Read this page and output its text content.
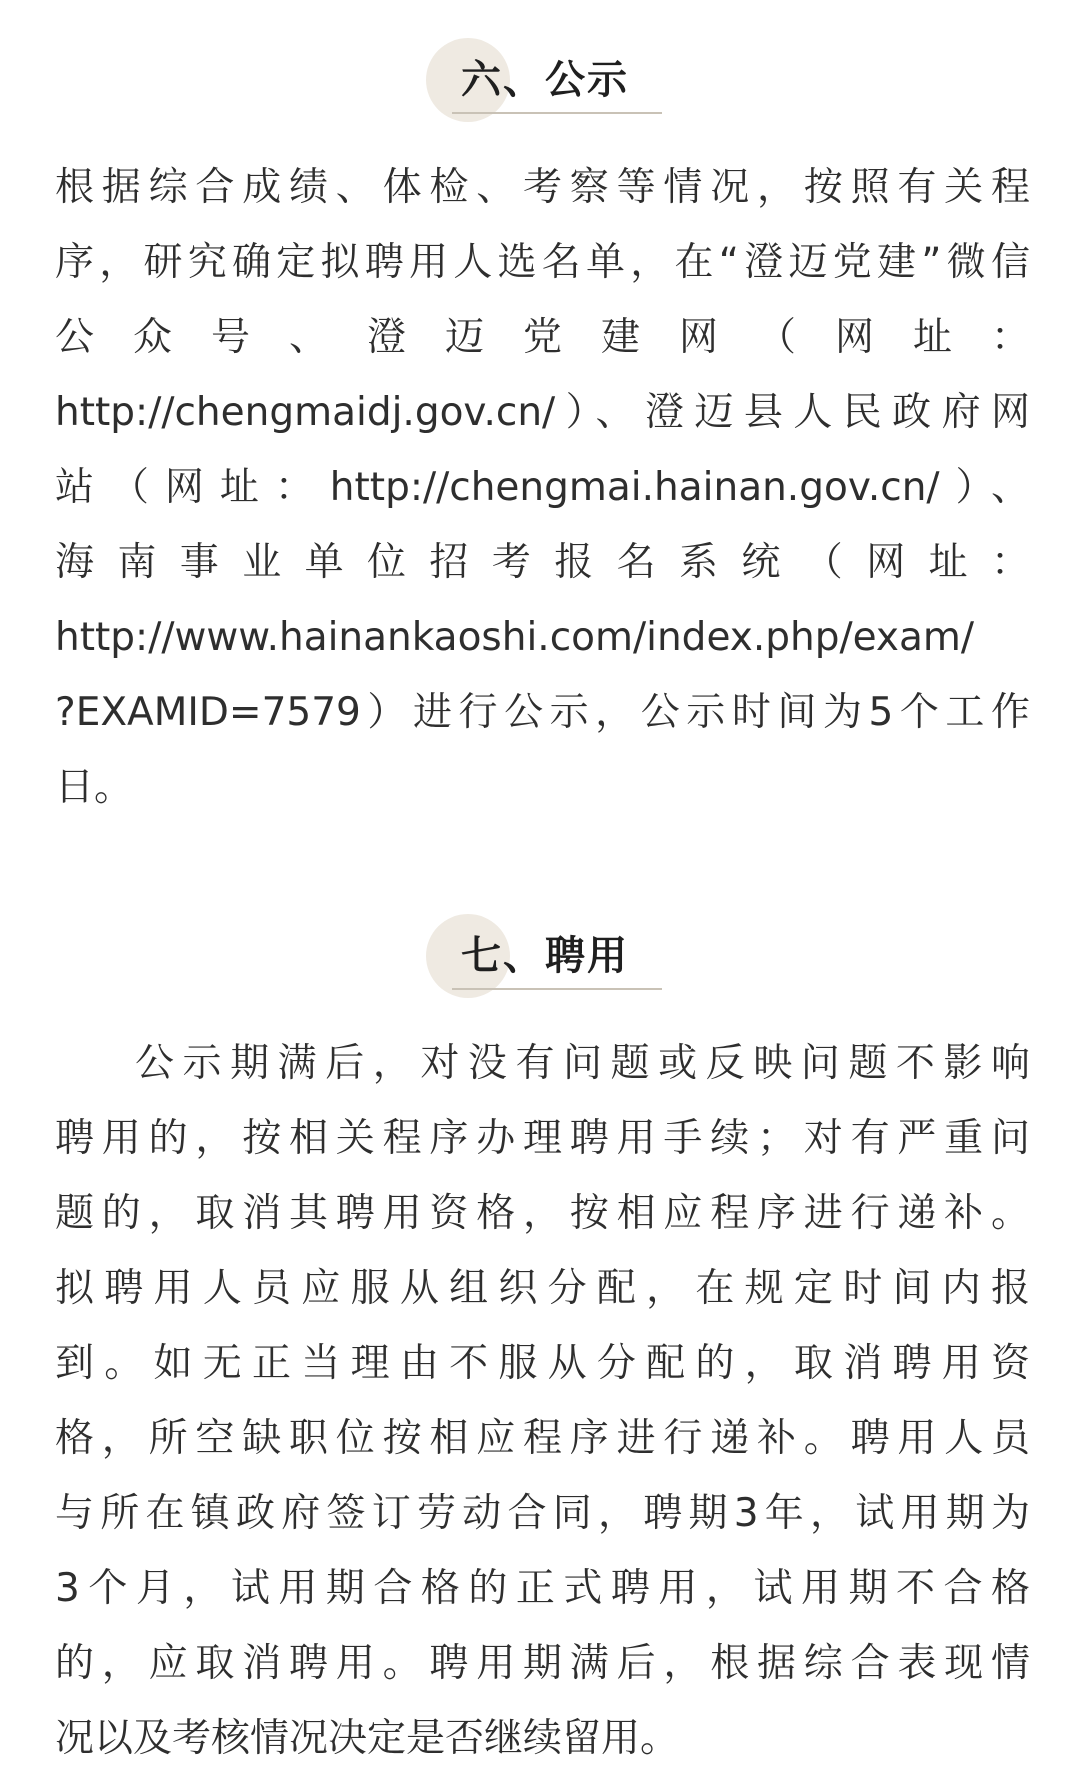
六、公示
根据综合成绩、体检、考察等情况，按照有关程
序，研究确定拟聘用人选名单，在“澄迈党建”微信
公 众 号 、 澄 迈 党 建 网 （ 网 址 ：
http://chengmaidj.gov.cn/）、澄迈县人民政府网
站（网址：http://chengmai.hainan.gov.cn/）、
海 南 事 业 单 位 招 考 报 名 系 统 （ 网 址 ：
http://www.hainankaoshi.com/index.php/exam/
?EXAMID=7579）进行公示，公示时间为5个工作
日。
七、聘用
公示期满后，对没有问题或反映问题不影响
聘用的，按相关程序办理聘用手续；对有严重问
题的，取消其聘用资格，按相应程序进行递补。
拟聘用人员应服从组织分配，在规定时间内报
到。如无正当理由不服从分配的，取消聘用资
格，所空缺职位按相应程序进行递补。聘用人员
与所在镇政府签订劳动合同，聘期3年，试用期为
3个月，试用期合格的正式聘用，试用期不合格
的，应取消聘用。聘用期满后，根据综合表现情
况以及考核情况决定是否继续留用。
